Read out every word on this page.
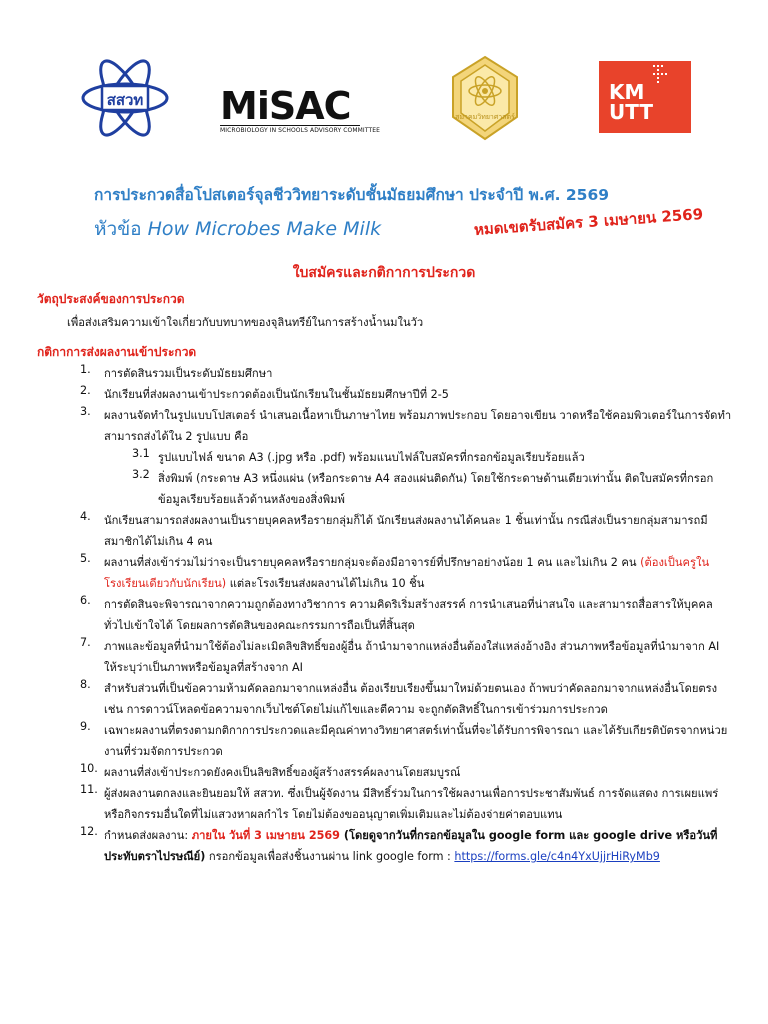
สสวท MiSAC
MICROBIOLOGY IN SCHOOLS ADVISORY COMMITTEE
สมาคมวิทยาศาสตร์
KM
UTT
การประกวดสื่อโปสเตอร์จุลชีววิทยาระดับชั้นมัธยมศึกษา ประจำปี พ.ศ. 2569
หัวข้อ How Microbes Make Milk	หมดเขตรับสมัคร 3 เมษายน 2569
ใบสมัครและกติกาการประกวด
วัตถุประสงค์ของการประกวด
เพื่อส่งเสริมความเข้าใจเกี่ยวกับบทบาทของจุลินทรีย์ในการสร้างน้ำนมในวัว
กติกาการส่งผลงานเข้าประกวด
1.	การตัดสินรวมเป็นระดับมัธยมศึกษา
2.	นักเรียนที่ส่งผลงานเข้าประกวดต้องเป็นนักเรียนในชั้นมัธยมศึกษาปีที่ 2-5
3.	ผลงานจัดทำในรูปแบบโปสเตอร์ นำเสนอเนื้อหาเป็นภาษาไทย พร้อมภาพประกอบ โดยอาจเขียน วาดหรือใช้คอมพิวเตอร์ในการจัดทำ สามารถส่งได้ใน 2 รูปแบบ คือ
3.1 รูปแบบไฟล์ ขนาด A3 (.jpg หรือ .pdf) พร้อมแนบไฟล์ใบสมัครที่กรอกข้อมูลเรียบร้อยแล้ว
3.2 สิ่งพิมพ์ (กระดาษ A3 หนึ่งแผ่น (หรือกระดาษ A4 สองแผ่นติดกัน) โดยใช้กระดาษด้านเดียวเท่านั้น ติดใบสมัครที่กรอกข้อมูลเรียบร้อยแล้วด้านหลังของสิ่งพิมพ์
4.	นักเรียนสามารถส่งผลงานเป็นรายบุคคลหรือรายกลุ่มก็ได้ นักเรียนส่งผลงานได้คนละ 1 ชิ้นเท่านั้น กรณีส่งเป็นรายกลุ่มสามารถมีสมาชิกได้ไม่เกิน 4 คน
5.	ผลงานที่ส่งเข้าร่วมไม่ว่าจะเป็นรายบุคคลหรือรายกลุ่มจะต้องมีอาจารย์ที่ปรึกษาอย่างน้อย 1 คน และไม่เกิน 2 คน (ต้องเป็นครูในโรงเรียนเดียวกับนักเรียน) แต่ละโรงเรียนส่งผลงานได้ไม่เกิน 10 ชิ้น
6.	การตัดสินจะพิจารณาจากความถูกต้องทางวิชาการ ความคิดริเริ่มสร้างสรรค์ การนำเสนอที่น่าสนใจ และสามารถสื่อสารให้บุคคลทั่วไปเข้าใจได้ โดยผลการตัดสินของคณะกรรมการถือเป็นที่สิ้นสุด
7.	ภาพและข้อมูลที่นำมาใช้ต้องไม่ละเมิดลิขสิทธิ์ของผู้อื่น ถ้านำมาจากแหล่งอื่นต้องใส่แหล่งอ้างอิง ส่วนภาพหรือข้อมูลที่นำมาจาก AI ให้ระบุว่าเป็นภาพหรือข้อมูลที่สร้างจาก AI
8.	สำหรับส่วนที่เป็นข้อความห้ามคัดลอกมาจากแหล่งอื่น ต้องเรียบเรียงขึ้นมาใหม่ด้วยตนเอง ถ้าพบว่าคัดลอกมาจากแหล่งอื่นโดยตรง เช่น การดาวน์โหลดข้อความจากเว็บไซต์โดยไม่แก้ไขและตีความ จะถูกตัดสิทธิ์ในการเข้าร่วมการประกวด
9.	เฉพาะผลงานที่ตรงตามกติกาการประกวดและมีคุณค่าทางวิทยาศาสตร์เท่านั้นที่จะได้รับการพิจารณา และได้รับเกียรติบัตรจากหน่วยงานที่ร่วมจัดการประกวด
10. ผลงานที่ส่งเข้าประกวดยังคงเป็นลิขสิทธิ์ของผู้สร้างสรรค์ผลงานโดยสมบูรณ์
11. ผู้ส่งผลงานตกลงและยินยอมให้ สสวท. ซึ่งเป็นผู้จัดงาน มีสิทธิ์ร่วมในการใช้ผลงานเพื่อการประชาสัมพันธ์ การจัดแสดง การเผยแพร่หรือกิจกรรมอื่นใดที่ไม่แสวงหาผลกำไร โดยไม่ต้องขออนุญาตเพิ่มเติมและไม่ต้องจ่ายค่าตอบแทน
12. กำหนดส่งผลงาน: ภายใน วันที่ 3 เมษายน 2569 (โดยดูจากวันที่กรอกข้อมูลใน google form และ google drive หรือวันที่ประทับตราไปรษณีย์) กรอกข้อมูลเพื่อส่งชิ้นงานผ่าน link google form : https://forms.gle/c4n4YxUjjrHiRyMb9
